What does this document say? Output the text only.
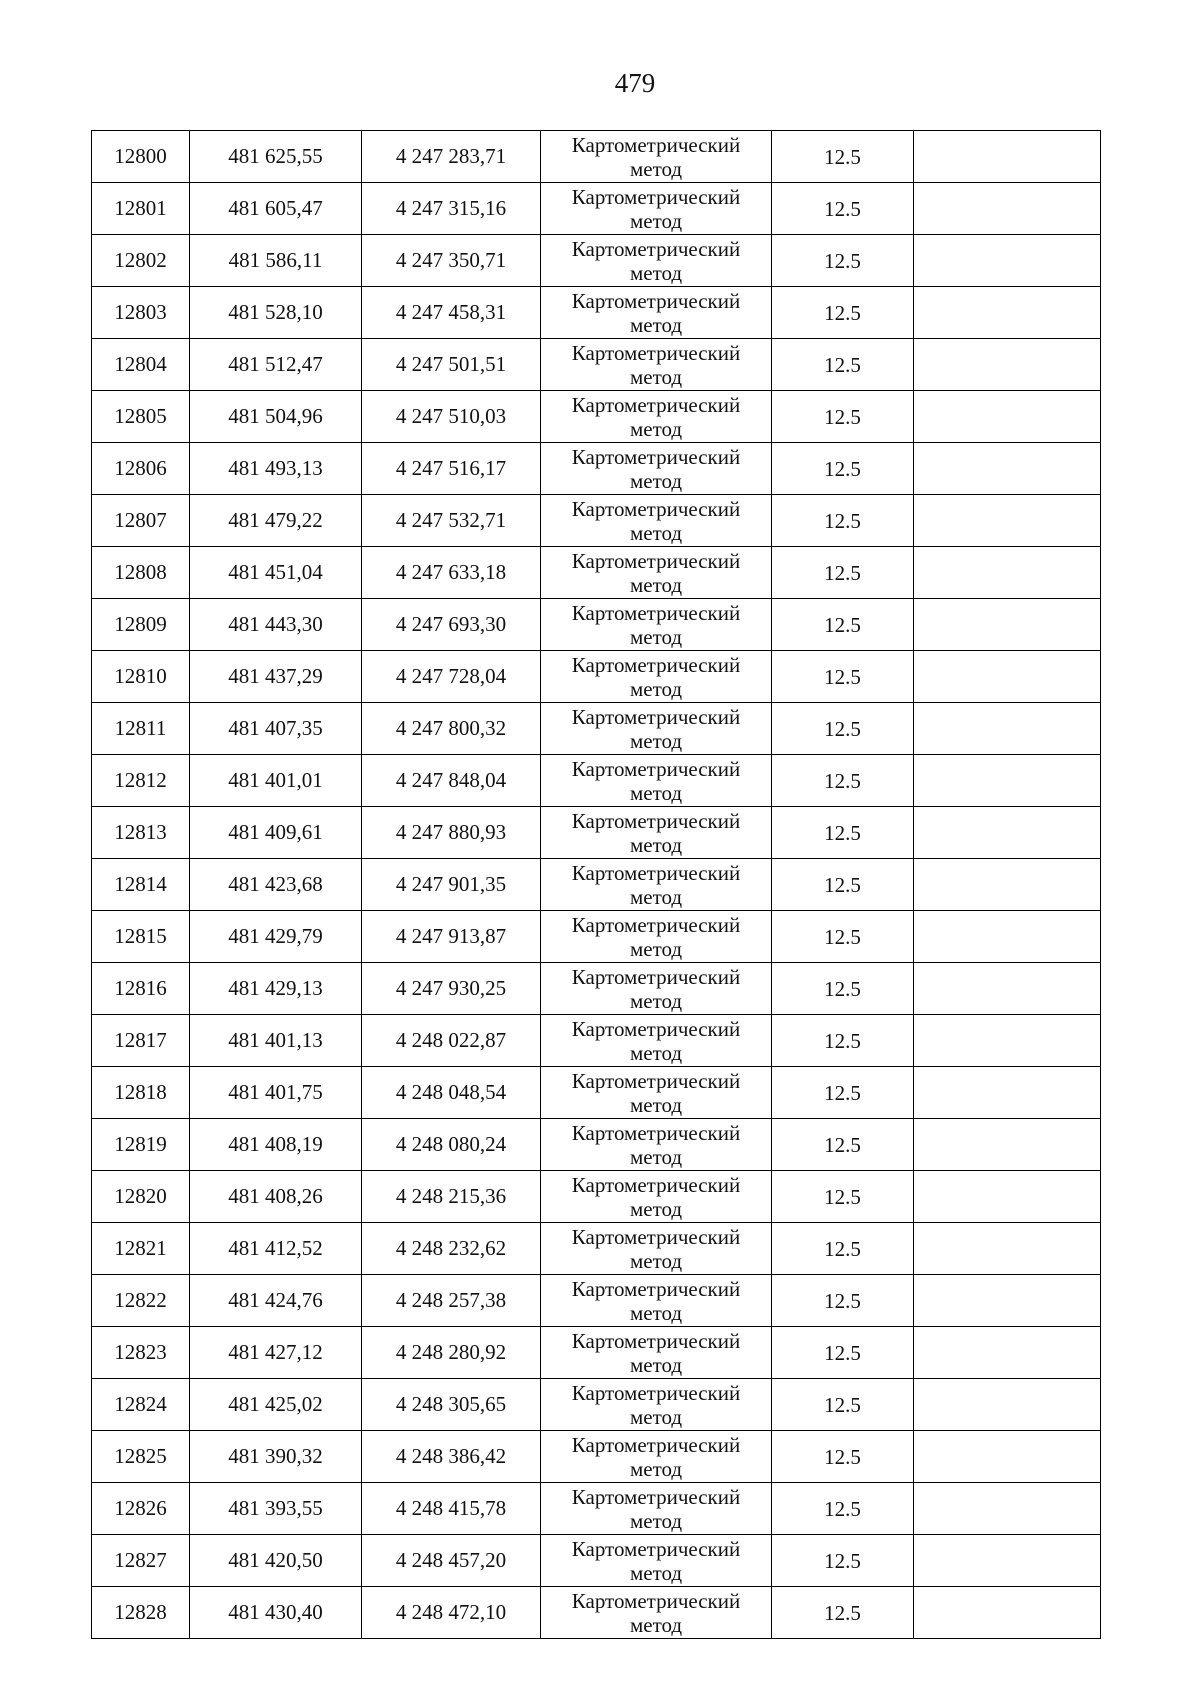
479
12800	481 625,55	4 247 283,71	Картометрический
метод	12.5	
12801	481 605,47	4 247 315,16	Картометрический
метод	12.5	
12802	481 586,11	4 247 350,71	Картометрический
метод	12.5	
12803	481 528,10	4 247 458,31	Картометрический
метод	12.5	
12804	481 512,47	4 247 501,51	Картометрический
метод	12.5	
12805	481 504,96	4 247 510,03	Картометрический
метод	12.5	
12806	481 493,13	4 247 516,17	Картометрический
метод	12.5	
12807	481 479,22	4 247 532,71	Картометрический
метод	12.5	
12808	481 451,04	4 247 633,18	Картометрический
метод	12.5	
12809	481 443,30	4 247 693,30	Картометрический
метод	12.5	
12810	481 437,29	4 247 728,04	Картометрический
метод	12.5	
12811	481 407,35	4 247 800,32	Картометрический
метод	12.5	
12812	481 401,01	4 247 848,04	Картометрический
метод	12.5	
12813	481 409,61	4 247 880,93	Картометрический
метод	12.5	
12814	481 423,68	4 247 901,35	Картометрический
метод	12.5	
12815	481 429,79	4 247 913,87	Картометрический
метод	12.5	
12816	481 429,13	4 247 930,25	Картометрический
метод	12.5	
12817	481 401,13	4 248 022,87	Картометрический
метод	12.5	
12818	481 401,75	4 248 048,54	Картометрический
метод	12.5	
12819	481 408,19	4 248 080,24	Картометрический
метод	12.5	
12820	481 408,26	4 248 215,36	Картометрический
метод	12.5	
12821	481 412,52	4 248 232,62	Картометрический
метод	12.5	
12822	481 424,76	4 248 257,38	Картометрический
метод	12.5	
12823	481 427,12	4 248 280,92	Картометрический
метод	12.5	
12824	481 425,02	4 248 305,65	Картометрический
метод	12.5	
12825	481 390,32	4 248 386,42	Картометрический
метод	12.5	
12826	481 393,55	4 248 415,78	Картометрический
метод	12.5	
12827	481 420,50	4 248 457,20	Картометрический
метод	12.5	
12828	481 430,40	4 248 472,10	Картометрический
метод	12.5	
